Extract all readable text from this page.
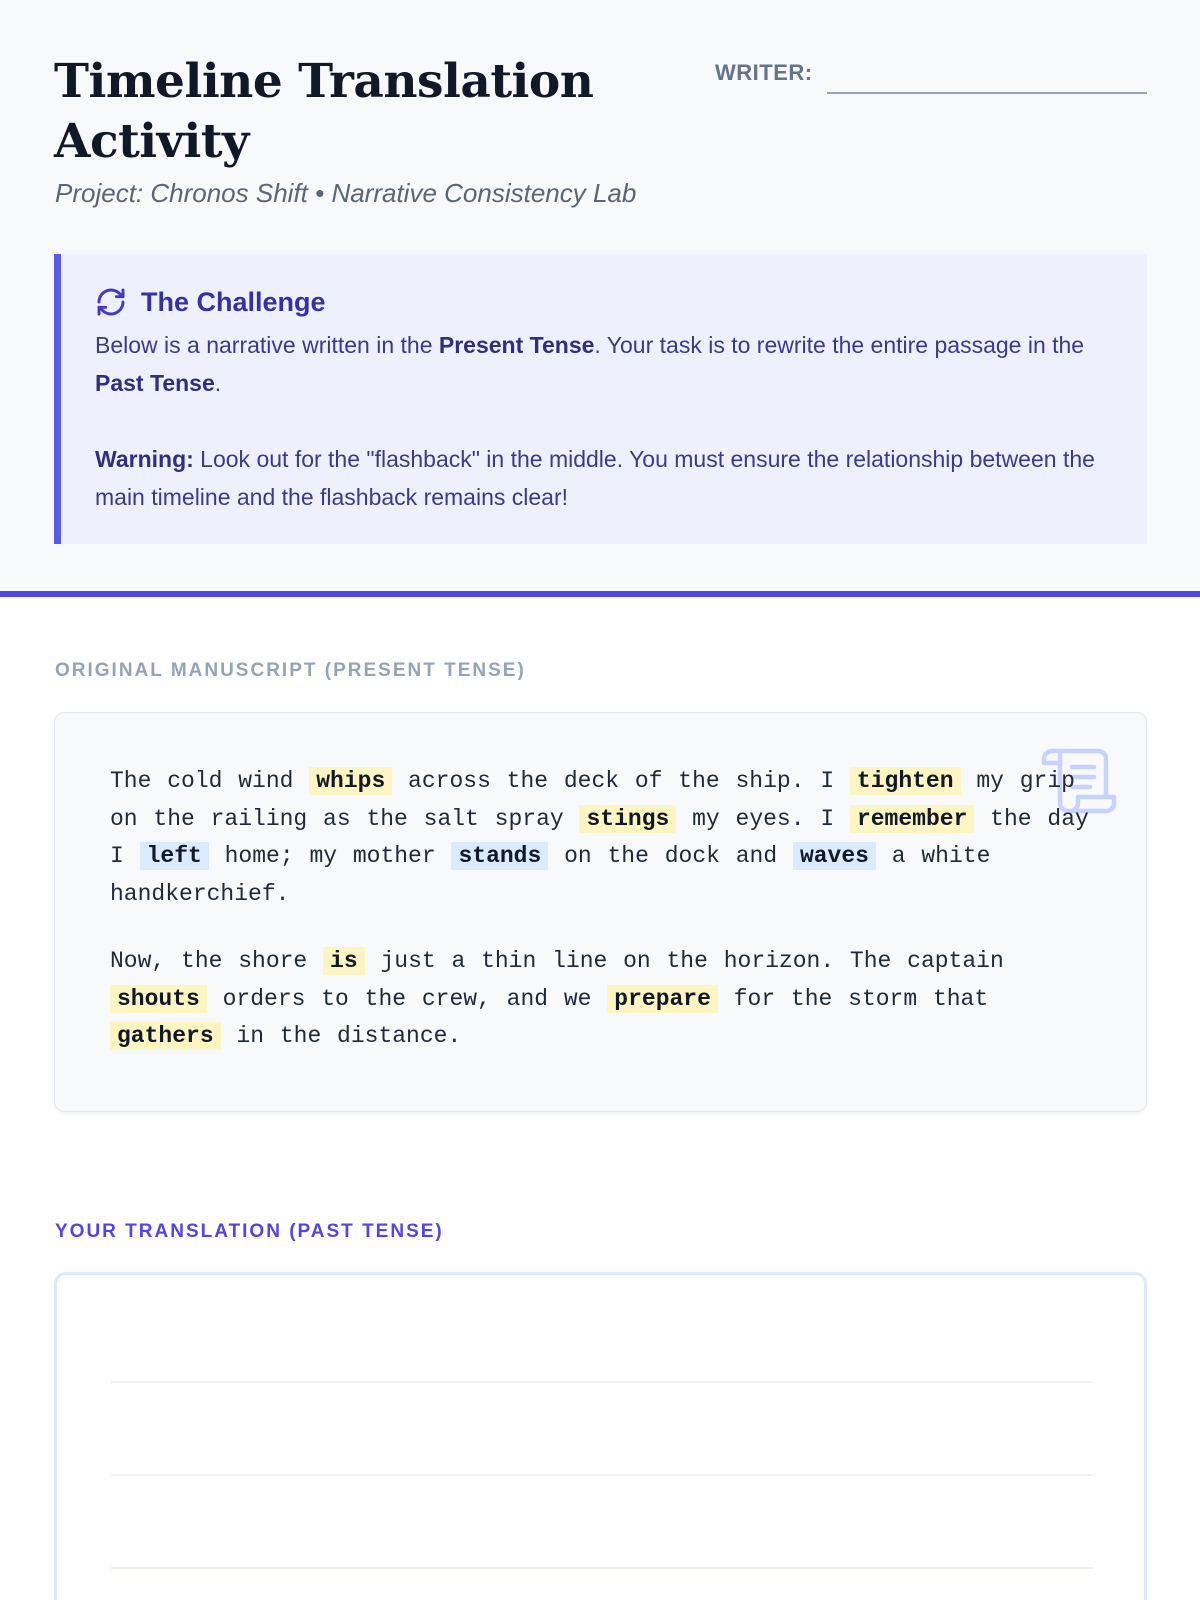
Timeline Translation Activity
Project: Chronos Shift • Narrative Consistency Lab
WRITER:
The Challenge

Below is a narrative written in the Present Tense. Your task is to rewrite the entire passage in the Past Tense.

Warning: Look out for the "flashback" in the middle. You must ensure the relationship between the main timeline and the flashback remains clear!

ORIGINAL MANUSCRIPT (PRESENT TENSE)
The cold wind whips across the deck of the ship. I tighten my grip on the railing as the salt spray stings my eyes. I remember the day I left home; my mother stands on the dock and waves a white handkerchief.
Now, the shore is just a thin line on the horizon. The captain shouts orders to the crew, and we prepare for the storm that gathers in the distance.
YOUR TRANSLATION (PAST TENSE)
